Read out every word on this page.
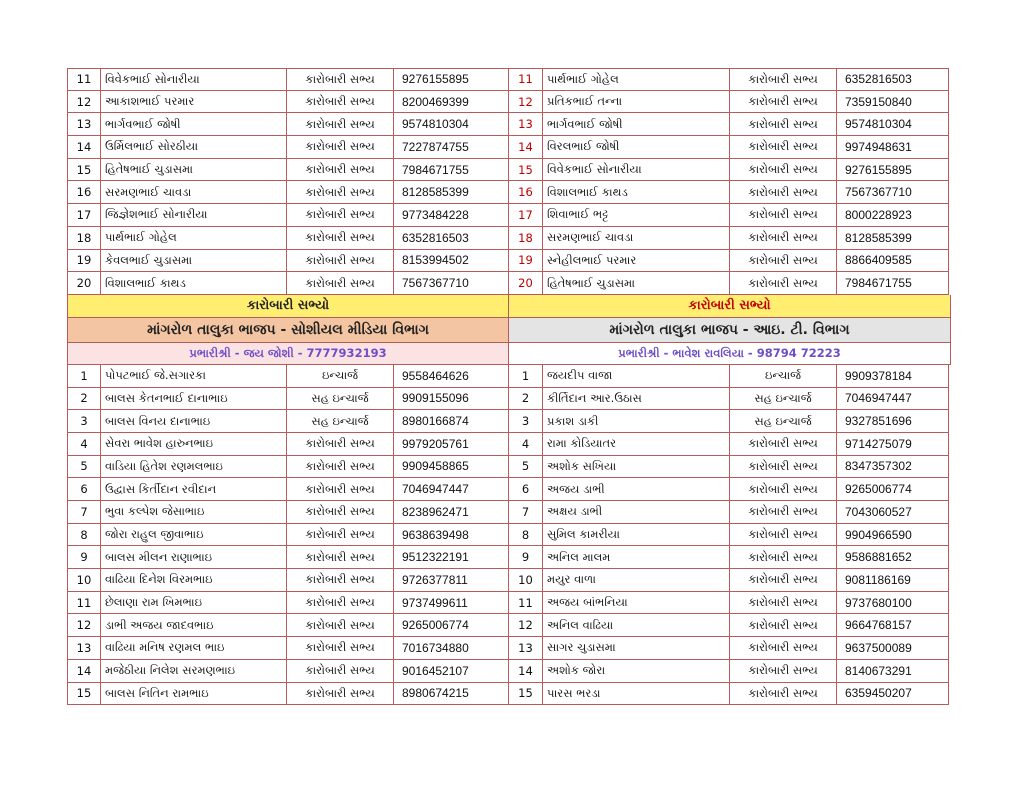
11	વિવેકભાઈ સોનારીયા	કારોબારી સભ્ય	9276155895	11	પાર્થભાઈ ગોહેલ	કારોબારી સભ્ય	6352816503
12	આકાશભાઈ પરમાર	કારોબારી સભ્ય	8200469399	12	પ્રતિકભાઈ તન્ના	કારોબારી સભ્ય	7359150840
13	ભાર્ગવભાઈ જોષી	કારોબારી સભ્ય	9574810304	13	ભાર્ગવભાઈ જોષી	કારોબારી સભ્ય	9574810304
14	ઉર્મિલભાઈ સોરઠીયા	કારોબારી સભ્ય	7227874755	14	વિરલભાઈ જોષી	કારોબારી સભ્ય	9974948631
15	હિતેષભાઈ ચુડાસમા	કારોબારી સભ્ય	7984671755	15	વિવેકભાઈ સોનારીયા	કારોબારી સભ્ય	9276155895
16	સરમણભાઈ ચાવડા	કારોબારી સભ્ય	8128585399	16	વિશાલભાઈ કાથડ	કારોબારી સભ્ય	7567367710
17	જિજ્ઞેશભાઈ સોનારીયા	કારોબારી સભ્ય	9773484228	17	શિવાભાઈ ભટ્ટ	કારોબારી સભ્ય	8000228923
18	પાર્થભાઈ ગોહેલ	કારોબારી સભ્ય	6352816503	18	સરમણભાઈ ચાવડા	કારોબારી સભ્ય	8128585399
19	કેવલભાઈ ચુડાસમા	કારોબારી સભ્ય	8153994502	19	સ્નેહીલભાઈ પરમાર	કારોબારી સભ્ય	8866409585
20	વિશાલભાઈ કાથડ	કારોબારી સભ્ય	7567367710	20	હિતેષભાઈ ચુડાસમા	કારોબારી સભ્ય	7984671755
કારોબારી સભ્યો	કારોબારી સભ્યો
માંગરોળ તાલુકા ભાજપ - સોશીયલ મીડિયા વિભાગ	માંગરોળ તાલુકા ભાજપ - આઇ. ટી. વિભાગ
પ્રભારીશ્રી - જય જોશી - 7777932193	પ્રભારીશ્રી - ભાવેશ રાવલિયા - 98794 72223
1	પોપટભાઈ જે.સગારકા	ઇન્ચાર્જ	9558464626	1	જયદીપ વાજા	ઇન્ચાર્જ	9909378184
2	બાલસ કેતનભાઈ દાનાભાઇ	સહ ઇન્ચાર્જ	9909155096	2	કીર્તિદાન આર.ઉઠાસ	સહ ઇન્ચાર્જ	7046947447
3	બાલસ વિનય દાનાભાઇ	સહ ઇન્ચાર્જ	8980166874	3	પ્રકાશ ડાકી	સહ ઇન્ચાર્જ	9327851696
4	સેવરા ભાવેશ હારુનભાઇ	કારોબારી સભ્ય	9979205761	4	રામા કોડિયાતર	કારોબારી સભ્ય	9714275079
5	વાડિયા હિતેશ રણમલભાઇ	કારોબારી સભ્ય	9909458865	5	અશોક સખિયા	કારોબારી સભ્ય	8347357302
6	ઉદ્વાસ કિર્તીદાન રવીદાન	કારોબારી સભ્ય	7046947447	6	અજય ડાભી	કારોબારી સભ્ય	9265006774
7	ભુવા કલ્પેશ જેસાભાઇ	કારોબારી સભ્ય	8238962471	7	અક્ષય ડાભી	કારોબારી સભ્ય	7043060527
8	જોરા રાહુલ જીવાભાઇ	કારોબારી સભ્ય	9638639498	8	સુમિલ કામરીયા	કારોબારી સભ્ય	9904966590
9	બાલસ મીલન રાણાભાઇ	કારોબારી સભ્ય	9512322191	9	અનિલ માલમ	કારોબારી સભ્ય	9586881652
10	વાઢિયા દિનેશ વિરમભાઇ	કારોબારી સભ્ય	9726377811	10	મયુર વાળા	કારોબારી સભ્ય	9081186169
11	છેલાણા રામ ખિમભાઇ	કારોબારી સભ્ય	9737499611	11	અજય બાંભનિયા	કારોબારી સભ્ય	9737680100
12	ડાભી અજય જાદવભાઇ	કારોબારી સભ્ય	9265006774	12	અનિલ વાઢિયા	કારોબારી સભ્ય	9664768157
13	વાઢિયા મનિષ રણમલ ભાઇ	કારોબારી સભ્ય	7016734880	13	સાગર ચુડાસમા	કારોબારી સભ્ય	9637500089
14	મજેઠીયા નિલેશ સરમણભાઇ	કારોબારી સભ્ય	9016452107	14	અશોક જોરા	કારોબારી સભ્ય	8140673291
15	બાલસ નિતિન રામભાઇ	કારોબારી સભ્ય	8980674215	15	પારસ ભરડા	કારોબારી સભ્ય	6359450207
